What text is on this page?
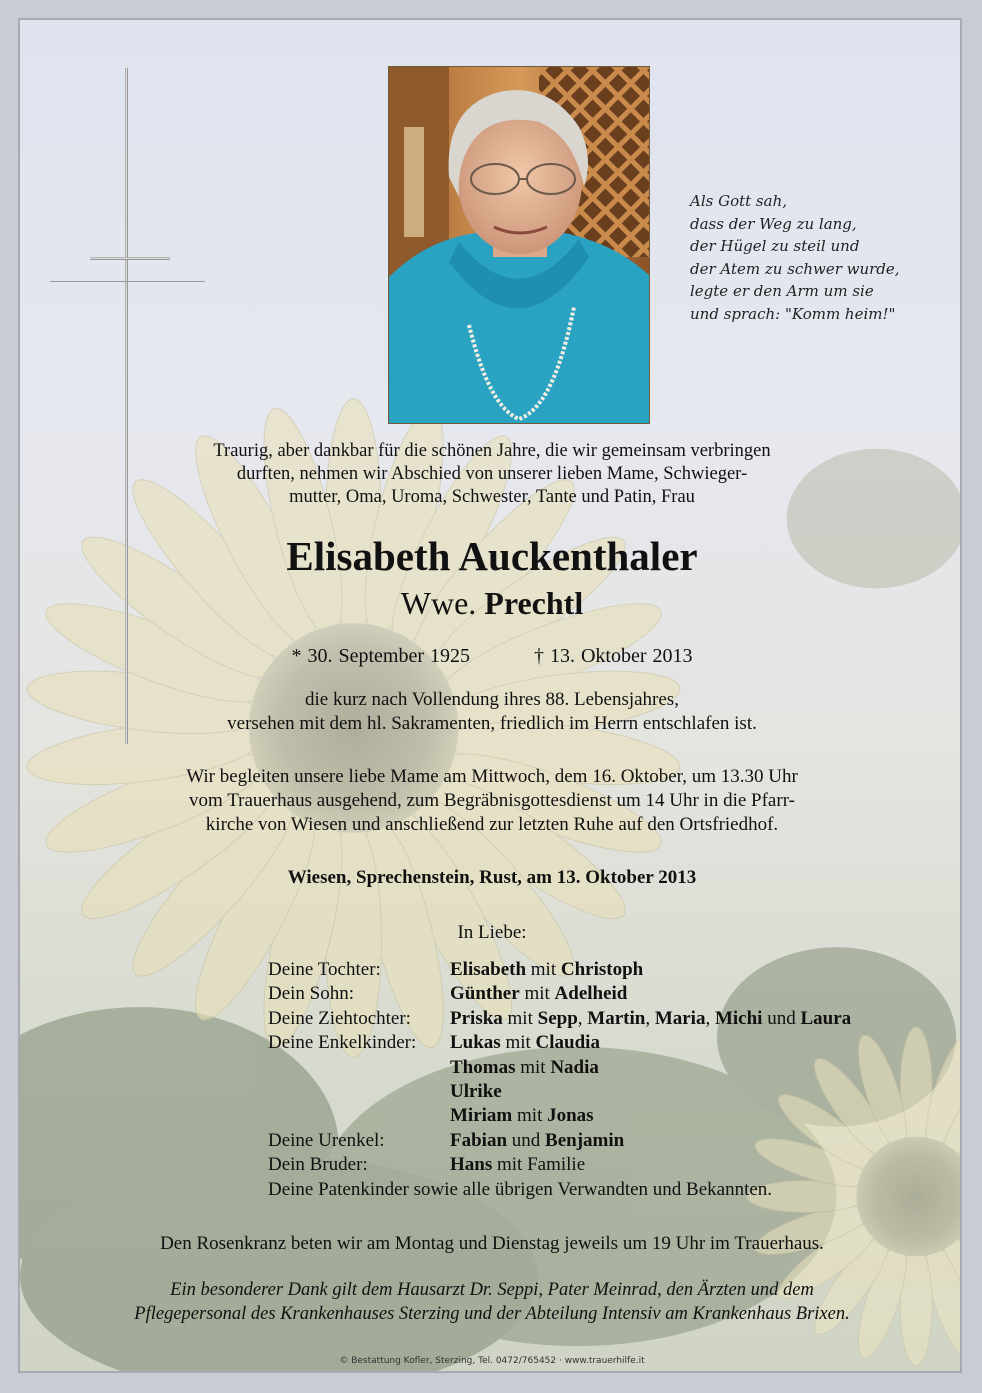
Als Gott sah,
dass der Weg zu lang,
der Hügel zu steil und
der Atem zu schwer wurde,
legte er den Arm um sie
und sprach: "Komm heim!"
Traurig, aber dankbar für die schönen Jahre, die wir gemeinsam verbringen
durften, nehmen wir Abschied von unserer lieben Mame, Schwieger-
mutter, Oma, Uroma, Schwester, Tante und Patin, Frau
Elisabeth Auckenthaler
Wwe. Prechtl
* 30. September 1925	† 13. Oktober 2013
die kurz nach Vollendung ihres 88. Lebensjahres,
versehen mit dem hl. Sakramenten, friedlich im Herrn entschlafen ist.
Wir begleiten unsere liebe Mame am Mittwoch, dem 16. Oktober, um 13.30 Uhr
vom Trauerhaus ausgehend, zum Begräbnisgottesdienst um 14 Uhr in die Pfarr-
kirche von Wiesen und anschließend zur letzten Ruhe auf den Ortsfriedhof.
Wiesen, Sprechenstein, Rust, am 13. Oktober 2013
In Liebe:
Deine Tochter:	Elisabeth mit Christoph
Dein Sohn:	Günther mit Adelheid
Deine Ziehtochter: Priska mit Sepp, Martin, Maria, Michi und Laura
Deine Enkelkinder: Lukas mit Claudia
Thomas mit Nadia
Ulrike
Miriam mit Jonas
Deine Urenkel:	Fabian und Benjamin
Dein Bruder:	Hans mit Familie
Deine Patenkinder sowie alle übrigen Verwandten und Bekannten.
Den Rosenkranz beten wir am Montag und Dienstag jeweils um 19 Uhr im Trauerhaus.
Ein besonderer Dank gilt dem Hausarzt Dr. Seppi, Pater Meinrad, den Ärzten und dem
Pflegepersonal des Krankenhauses Sterzing und der Abteilung Intensiv am Krankenhaus Brixen.
© Bestattung Kofler, Sterzing, Tel. 0472/765452 · www.trauerhilfe.it
